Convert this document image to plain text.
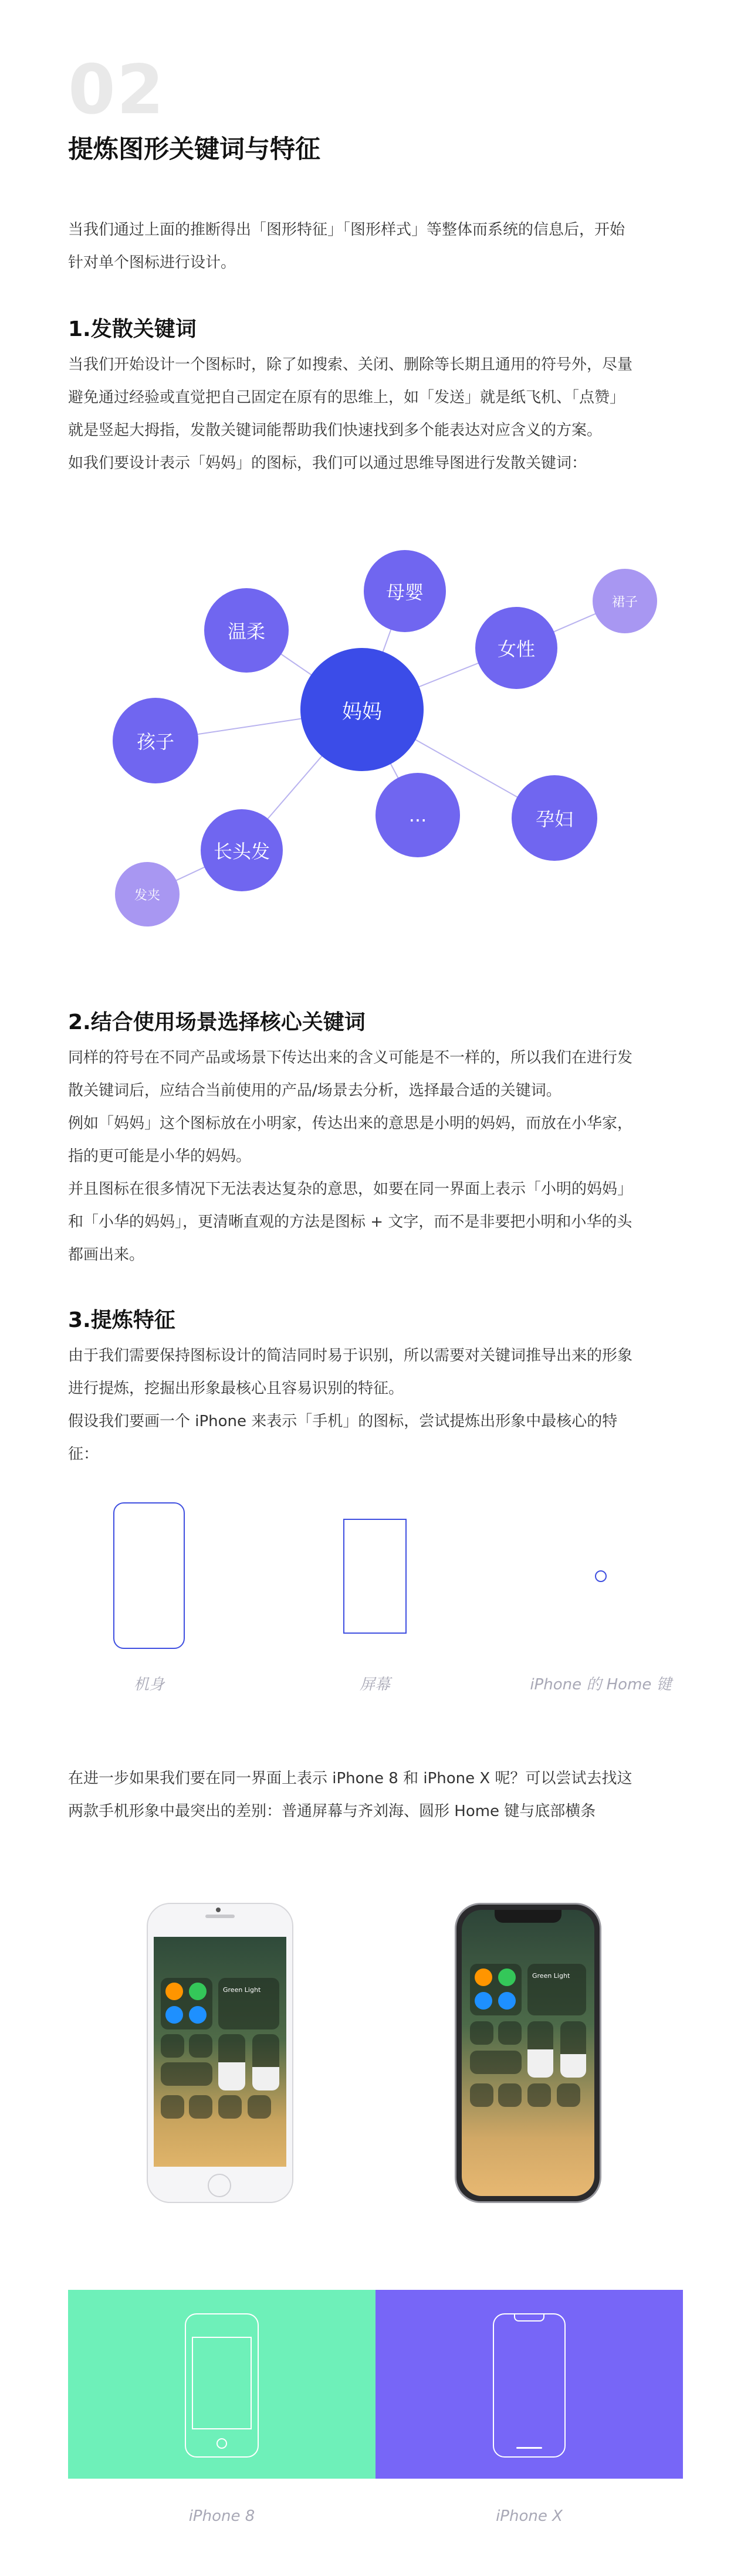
02
提炼图形关键词与特征
当我们通过上面的推断得出「图形特征」「图形样式」等整体而系统的信息后，开始
针对单个图标进行设计。
1.发散关键词
当我们开始设计一个图标时，除了如搜索、关闭、删除等长期且通用的符号外，尽量
避免通过经验或直觉把自己固定在原有的思维上，如「发送」就是纸飞机、「点赞」
就是竖起大拇指，发散关键词能帮助我们快速找到多个能表达对应含义的方案。
如我们要设计表示「妈妈」的图标，我们可以通过思维导图进行发散关键词：
妈妈
母婴
温柔
女性
裙子
孩子
...	孕妇
长头发
发夹
2.结合使用场景选择核心关键词
同样的符号在不同产品或场景下传达出来的含义可能是不一样的，所以我们在进行发
散关键词后，应结合当前使用的产品/场景去分析，选择最合适的关键词。
例如「妈妈」这个图标放在小明家，传达出来的意思是小明的妈妈，而放在小华家，
指的更可能是小华的妈妈。
并且图标在很多情况下无法表达复杂的意思，如要在同一界面上表示「小明的妈妈」
和「小华的妈妈」，更清晰直观的方法是图标 + 文字，而不是非要把小明和小华的头
都画出来。
3.提炼特征
由于我们需要保持图标设计的简洁同时易于识别，所以需要对关键词推导出来的形象
进行提炼，挖掘出形象最核心且容易识别的特征。
假设我们要画一个 iPhone 来表示「手机」的图标，尝试提炼出形象中最核心的特
征：
机身	屏幕	iPhone 的 Home 键
在进一步如果我们要在同一界面上表示 iPhone 8 和 iPhone X 呢？可以尝试去找这
两款手机形象中最突出的差别：普通屏幕与齐刘海、圆形 Home 键与底部横条
Green Light
Green Light
iPhone 8	iPhone X
